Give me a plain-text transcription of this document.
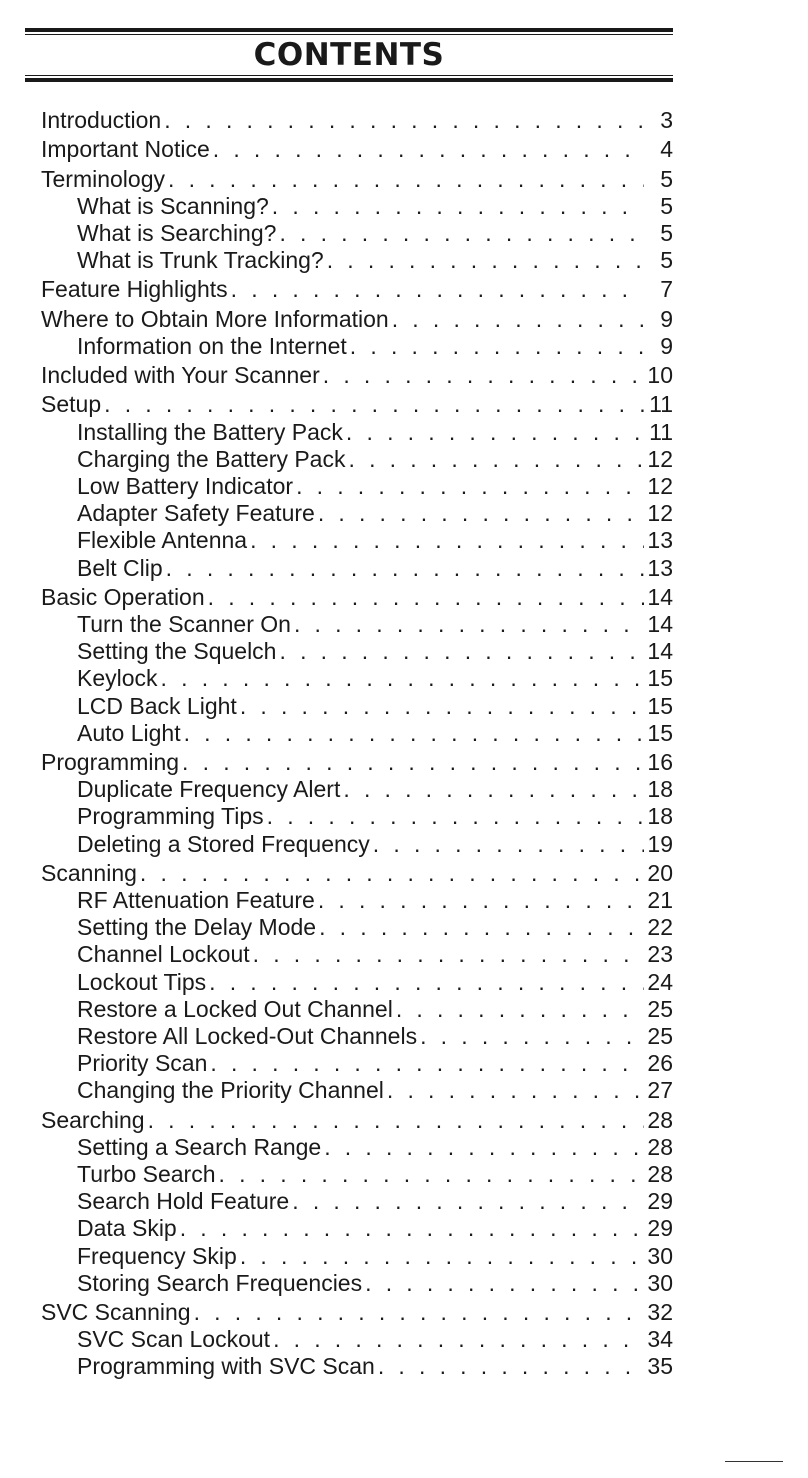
CONTENTS
Introduction . . .	3
Important Notice . . .	4
Terminology . . .	5
What is Scanning? . . .	5
What is Searching? . . .	5
What is Trunk Tracking? . . .	5
Feature Highlights . . .	7
Where to Obtain More Information . . .	9
Information on the Internet . . .	9
Included with Your Scanner . . .	10
Setup . . .	11
Installing the Battery Pack . . .	11
Charging the Battery Pack . . .	12
Low Battery Indicator . . .	12
Adapter Safety Feature . . .	12
Flexible Antenna . . .	13
Belt Clip . . .	13
Basic Operation . . .	14
Turn the Scanner On . . .	14
Setting the Squelch . . .	14
Keylock . . .	15
LCD Back Light . . .	15
Auto Light . . .	15
Programming . . .	16
Duplicate Frequency Alert . . .	18
Programming Tips . . .	18
Deleting a Stored Frequency . . .	19
Scanning . . .	20
RF Attenuation Feature . . .	21
Setting the Delay Mode . . .	22
Channel Lockout . . .	23
Lockout Tips . . .	24
Restore a Locked Out Channel . . .	25
Restore All Locked-Out Channels . . .	25
Priority Scan . . .	26
Changing the Priority Channel . . .	27
Searching . . .	28
Setting a Search Range . . .	28
Turbo Search . . .	28
Search Hold Feature . . .	29
Data Skip . . .	29
Frequency Skip . . .	30
Storing Search Frequencies . . .	30
SVC Scanning . . .	32
SVC Scan Lockout . . .	34
Programming with SVC Scan . . .	35
